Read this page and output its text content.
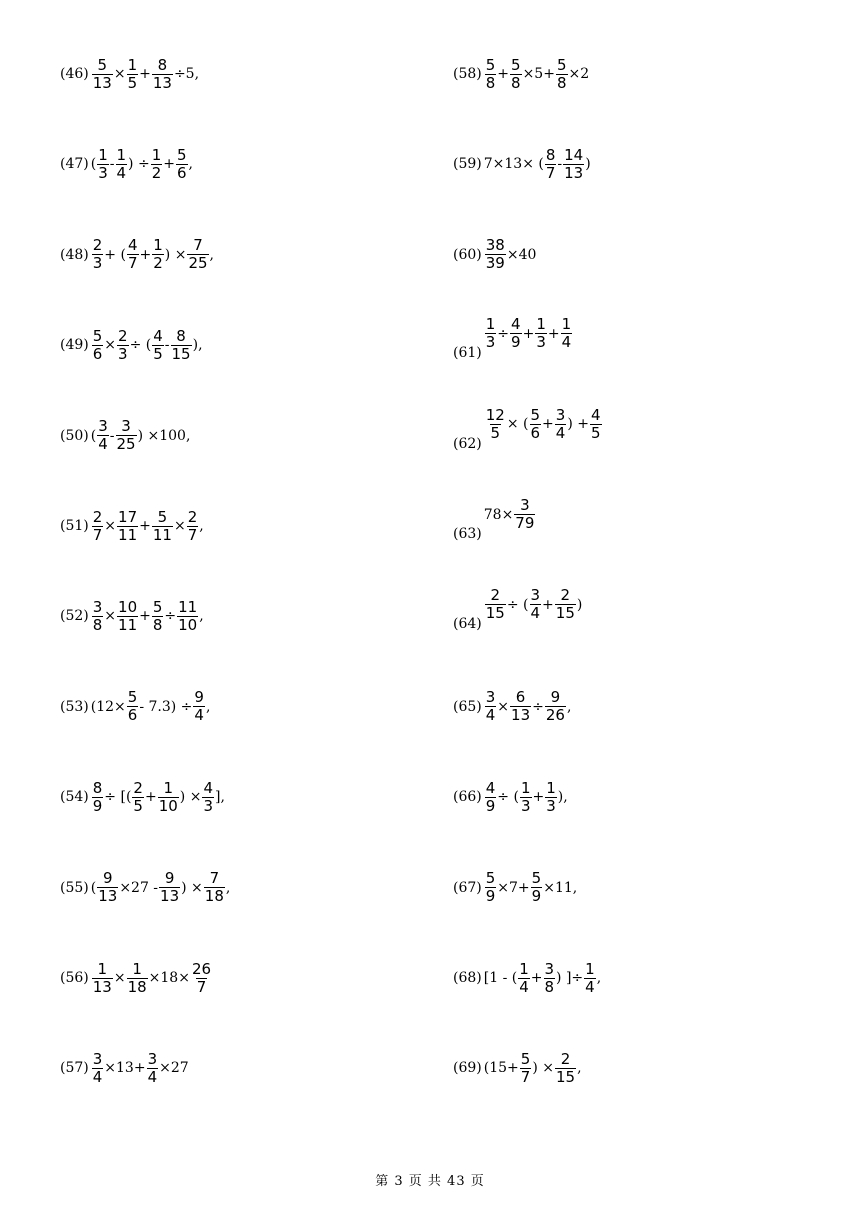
$(46) \frac{5}{13} \times \frac{1}{5} + \frac{8}{13} \div 5$,
(47) ( $\frac{1}{3} - \frac{1}{4}$ ) ÷ $\frac{1}{2} + \frac{5}{6}$ ,
$(48) \frac{2}{3}$ + ( $\frac{4}{7} + \frac{1}{2}$ ) × $\frac{7}{25}$ ,
$(49) \frac{5}{6} \times \frac{2}{3}$ ÷ ( $\frac{4}{5} - \frac{8}{15}$ ),
(50) ( $\frac{3}{4} - \frac{3}{25}$ ) ×100,
$(51) \frac{2}{7} \times \frac{17}{11} + \frac{5}{11} \times \frac{2}{7}$ ,
$(52) \frac{3}{8} \times \frac{10}{11} + \frac{5}{8} \div \frac{11}{10}$ ,
(53) $(12\times \frac{5}{6} - 7.3) \div \frac{9}{4}$ ,
$(54) \frac{8}{9}$ ÷ [( $\frac{2}{5} + \frac{1}{10}$ ) × $\frac{4}{3}$ ],
(55) ( $\frac{9}{13} \times 27 - \frac{9}{13}$ ) × $\frac{7}{18}$ ,
$(56) \frac{1}{13} \times \frac{1}{18} \times 18\times \frac{26}{7}$
$(57) \frac{3}{4} \times 13+ \frac{3}{4} \times 27$
$(58) \frac{5}{8} + \frac{5}{8} \times 5+ \frac{5}{8} \times 2$
(59) 7×13× ( $\frac{8}{7} - \frac{14}{13}$ )
$(60) \frac{38}{39} \times 40$
(61)
$\frac{1}{3} \div \frac{4}{9} + \frac{1}{3} + \frac{1}{4}$
(62)
$\frac{12}{5}$ × ( $\frac{5}{6} + \frac{3}{4}$ ) + $\frac{4}{5}$
(63)
$78\times \frac{3}{79}$
(64)
$\frac{2}{15}$ ÷ ( $\frac{3}{4} + \frac{2}{15}$ )
$(65) \frac{3}{4} \times \frac{6}{13} \div \frac{9}{26}$ ,
$(66) \frac{4}{9}$ ÷ ( $\frac{1}{3} + \frac{1}{3}$ ),
$(67) \frac{5}{9} \times 7+ \frac{5}{9} \times 11$,
(68) [1 - ( $\frac{1}{4} + \frac{3}{8}$ ) ]÷ $\frac{1}{4}$ ,
(69) ($15+ \frac{5}{7}$ ) × $\frac{2}{15}$ ,
第 3 页 共 43 页
